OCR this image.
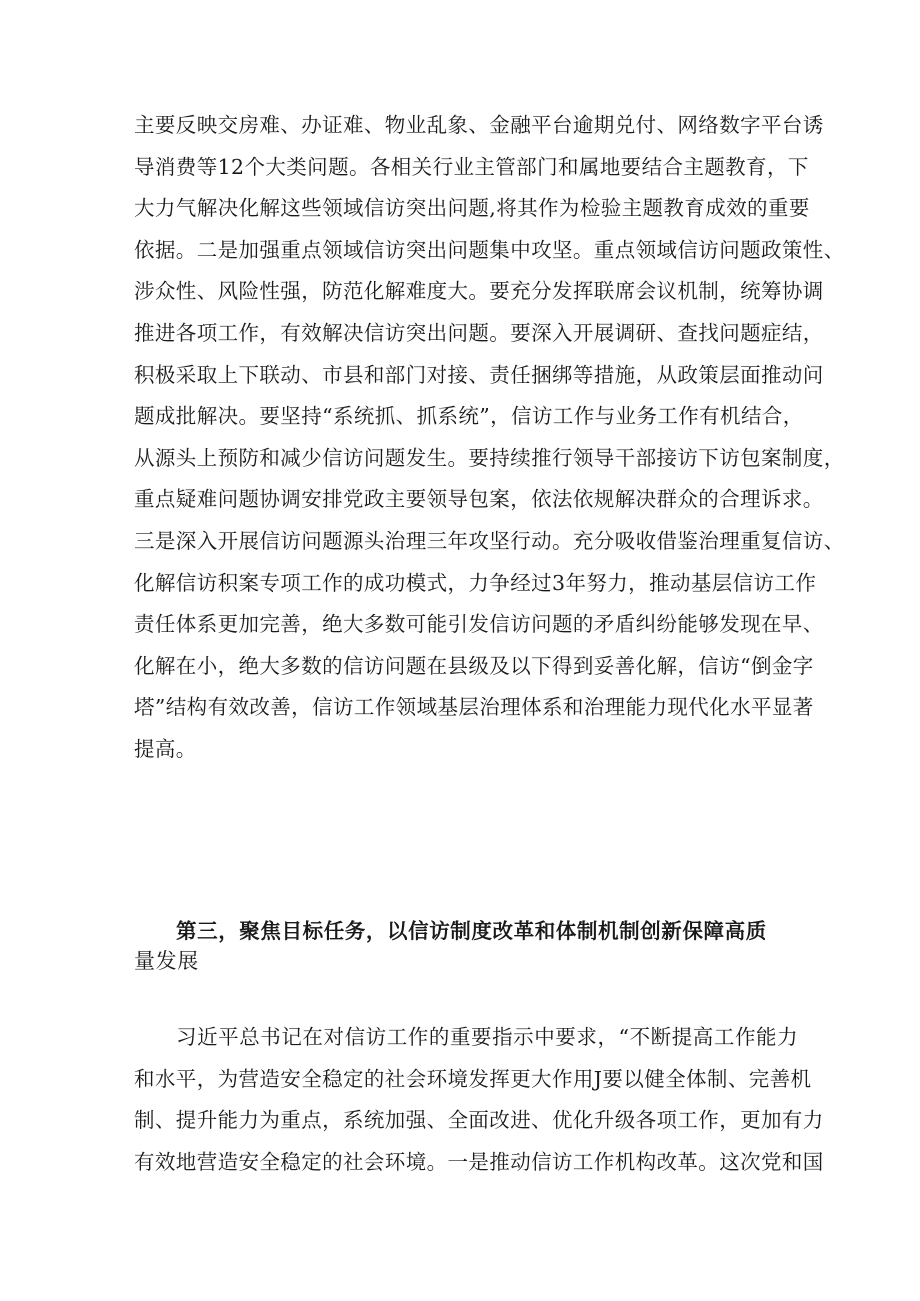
主要反映交房难、办证难、物业乱象、金融平台逾期兑付、网络数字平台诱
导消费等12个大类问题。各相关行业主管部门和属地要结合主题教育，下
大力气解决化解这些领域信访突出问题,将其作为检验主题教育成效的重要
依据。二是加强重点领域信访突出问题集中攻坚。重点领域信访问题政策性、
涉众性、风险性强，防范化解难度大。要充分发挥联席会议机制，统筹协调
推进各项工作，有效解决信访突出问题。要深入开展调研、查找问题症结，
积极采取上下联动、市县和部门对接、责任捆绑等措施，从政策层面推动问
题成批解决。要坚持“系统抓、抓系统”，信访工作与业务工作有机结合，
从源头上预防和减少信访问题发生。要持续推行领导干部接访下访包案制度，
重点疑难问题协调安排党政主要领导包案，依法依规解决群众的合理诉求。
三是深入开展信访问题源头治理三年攻坚行动。充分吸收借鉴治理重复信访、
化解信访积案专项工作的成功模式，力争经过3年努力，推动基层信访工作
责任体系更加完善，绝大多数可能引发信访问题的矛盾纠纷能够发现在早、
化解在小，绝大多数的信访问题在县级及以下得到妥善化解，信访“倒金字
塔”结构有效改善，信访工作领域基层治理体系和治理能力现代化水平显著
提高。
第三，聚焦目标任务，以信访制度改革和体制机制创新保障高质
量发展
习近平总书记在对信访工作的重要指示中要求，“不断提高工作能力
和水平，为营造安全稳定的社会环境发挥更大作用J要以健全体制、完善机
制、提升能力为重点，系统加强、全面改进、优化升级各项工作，更加有力
有效地营造安全稳定的社会环境。一是推动信访工作机构改革。这次党和国
